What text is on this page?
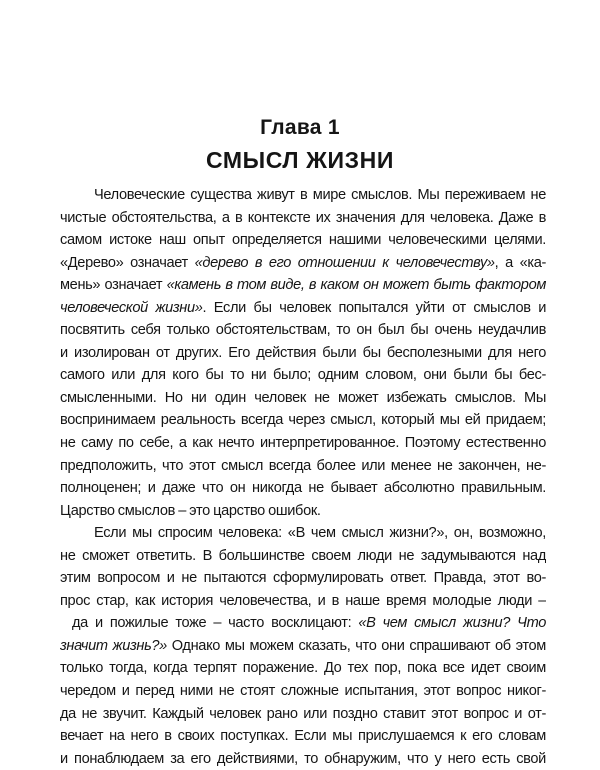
Глава 1
СМЫСЛ ЖИЗНИ
Человеческие существа живут в мире смыслов. Мы переживаем не
чистые обстоятельства, а в контексте их значения для человека. Даже в
самом истоке наш опыт определяется нашими человеческими целями.
«Дерево» означает «дерево в его отношении к человечеству», а «ка-
мень» означает «камень в том виде, в каком он может быть фактором
человеческой жизни». Если бы человек попытался уйти от смыслов и
посвятить себя только обстоятельствам, то он был бы очень неудачлив
и изолирован от других. Его действия были бы бесполезными для него
самого или для кого бы то ни было; одним словом, они были бы бес-
смысленными. Но ни один человек не может избежать смыслов. Мы
воспринимаем реальность всегда через смысл, который мы ей придаем;
не саму по себе, а как нечто интерпретированное. Поэтому естественно
предположить, что этот смысл всегда более или менее не закончен, не-
полноценен; и даже что он никогда не бывает абсолютно правильным.
Царство смыслов – это царство ошибок.
Если мы спросим человека: «В чем смысл жизни?», он, возможно,
не сможет ответить. В большинстве своем люди не задумываются над
этим вопросом и не пытаются сформулировать ответ. Правда, этот во-
прос стар, как история человечества, и в наше время молодые люди –
да и пожилые тоже – часто восклицают: «В чем смысл жизни? Что
значит жизнь?» Однако мы можем сказать, что они спрашивают об этом
только тогда, когда терпят поражение. До тех пор, пока все идет своим
чередом и перед ними не стоят сложные испытания, этот вопрос никог-
да не звучит. Каждый человек рано или поздно ставит этот вопрос и от-
вечает на него в своих поступках. Если мы прислушаемся к его словам
и понаблюдаем за его действиями, то обнаружим, что у него есть свой
